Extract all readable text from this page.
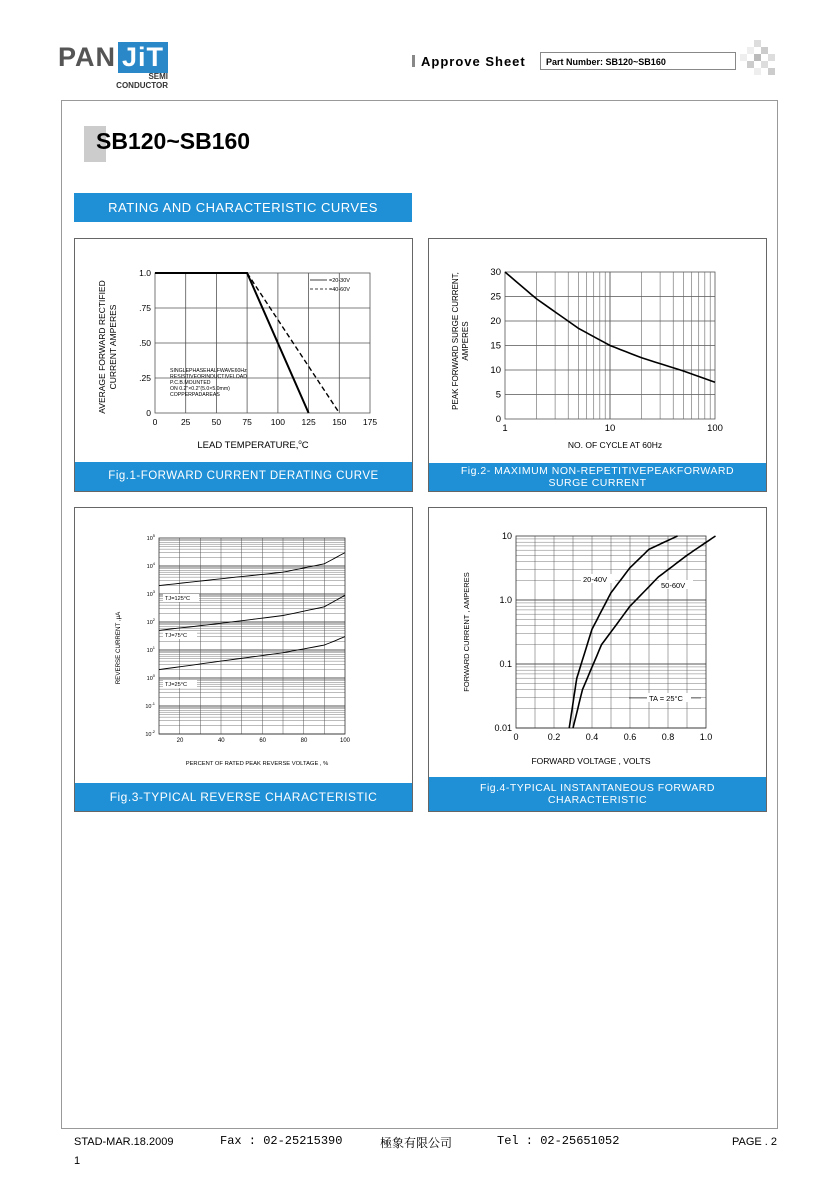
PAN JiT
SEMI
CONDUCTOR
Approve Sheet	Part Number: SB120~SB160
SB120~SB160
RATING AND CHARACTERISTIC CURVES
1.0
.75
.50
.25
0
0	25 50 75 100 125 150 175
LEAD TEMPERATURE,$^o$C
AVERAGE FORWARD RECTIFIED CURRENT AMPERES
=20-30V
=40-60V
SINGLEPHASEHALFWAVE60Hz
RESISTIVEORINDUCTIVELOAD
P.C.B.MOUNTED
ON 0.2"×0.2"(5.0×5.0mm)
COPPERPADAREAS
Fig.1-FORWARD CURRENT DERATING CURVE
30
25
20
15
10
5
0
1	10	100
NO. OF CYCLE AT 60Hz
PEAK FORWARD SURGE CURRENT, AMPERES
Fig.2- MAXIMUM NON-REPETITIVEPEAKFORWARD
SURGE CURRENT
$10^5$
$10^4$
$10^3$
$10^2$
$10^1$
$10^0$
$10^{-1}$
$10^{-2}$
20	40	60	80	100
PERCENT OF RATED PEAK REVERSE VOLTAGE , %
REVERSE CURRENT ,µA
TJ=125°C
TJ=75°C
TJ=25°C
Fig.3-TYPICAL REVERSE CHARACTERISTIC
10
1.0
0.1
0.01
0	0.2	0.4	0.6	0.8	1.0
FORWARD VOLTAGE , VOLTS
FORWARD CURRENT , AMPERES	20-40V
50-60V
TA = 25°C
Fig.4-TYPICAL INSTANTANEOUS FORWARD
CHARACTERISTIC
STAD-MAR.18.2009	Fax : 02-25215390	極象有限公司	Tel : 02-25651052	PAGE . 2
1
